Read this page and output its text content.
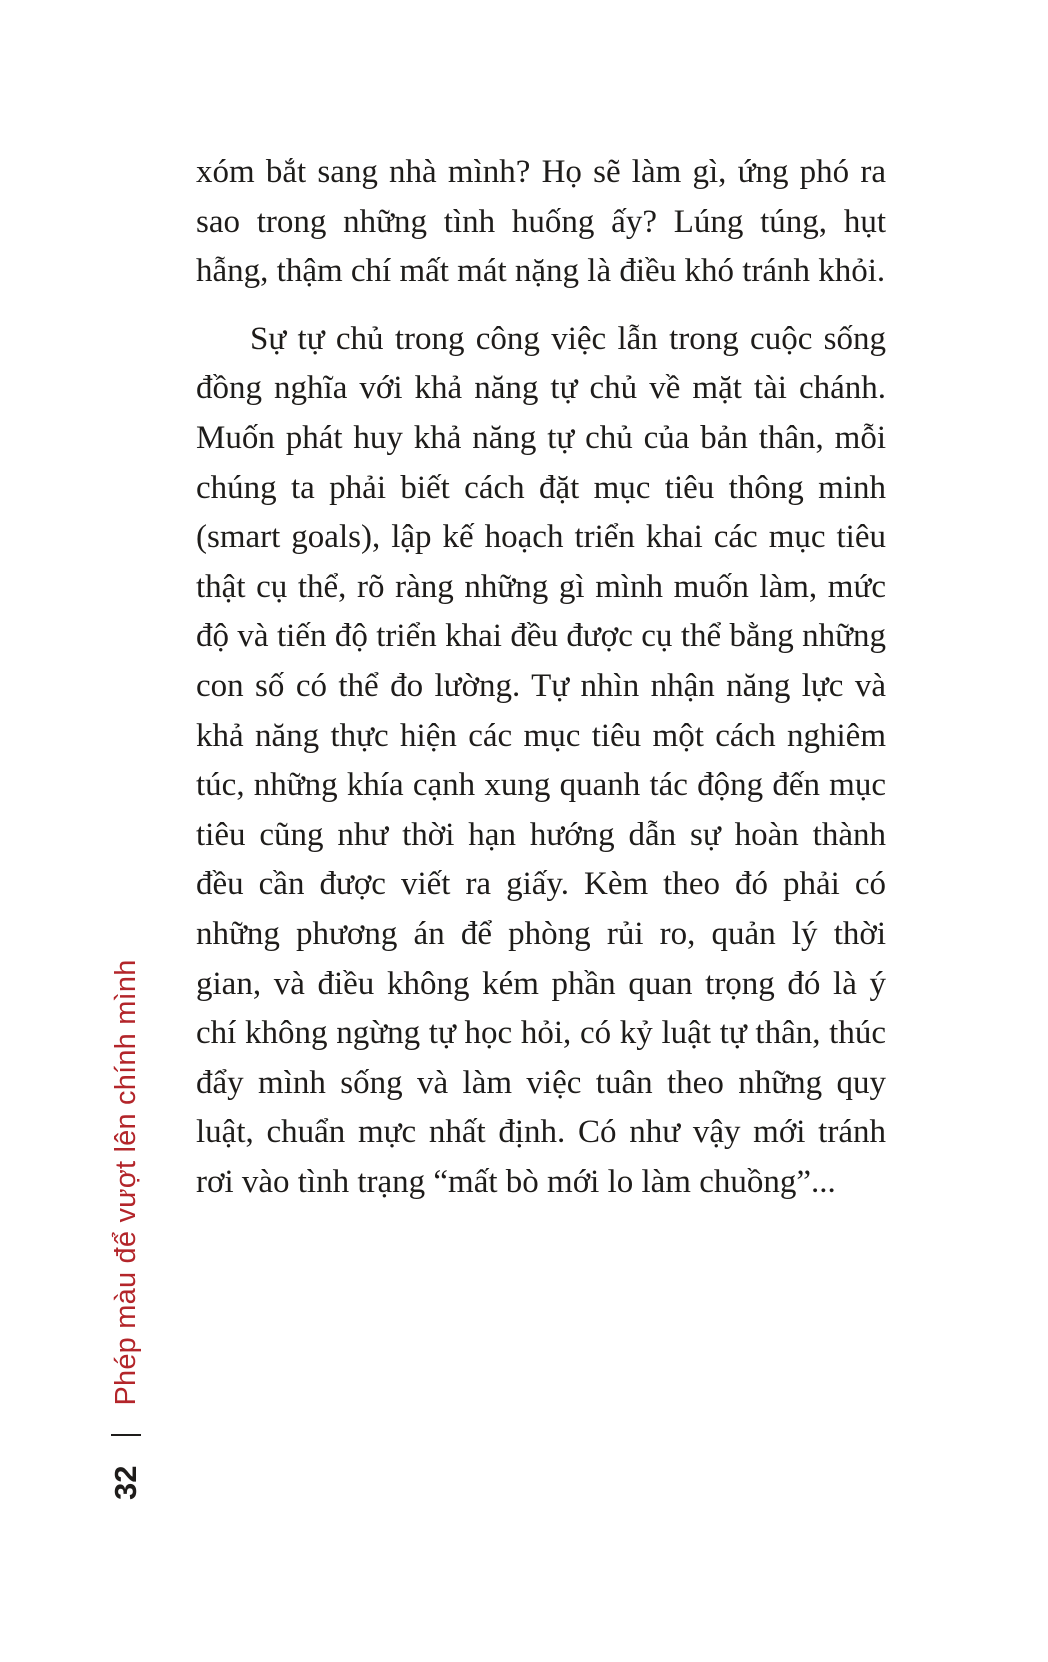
xóm bắt sang nhà mình? Họ sẽ làm gì, ứng phó ra sao trong những tình huống ấy? Lúng túng, hụt hẫng, thậm chí mất mát nặng là điều khó tránh khỏi.

Sự tự chủ trong công việc lẫn trong cuộc sống đồng nghĩa với khả năng tự chủ về mặt tài chánh. Muốn phát huy khả năng tự chủ của bản thân, mỗi chúng ta phải biết cách đặt mục tiêu thông minh (smart goals), lập kế hoạch triển khai các mục tiêu thật cụ thể, rõ ràng những gì mình muốn làm, mức độ và tiến độ triển khai đều được cụ thể bằng những con số có thể đo lường. Tự nhìn nhận năng lực và khả năng thực hiện các mục tiêu một cách nghiêm túc, những khía cạnh xung quanh tác động đến mục tiêu cũng như thời hạn hướng dẫn sự hoàn thành đều cần được viết ra giấy. Kèm theo đó phải có những phương án để phòng rủi ro, quản lý thời gian, và điều không kém phần quan trọng đó là ý chí không ngừng tự học hỏi, có kỷ luật tự thân, thúc đẩy mình sống và làm việc tuân theo những quy luật, chuẩn mực nhất định. Có như vậy mới tránh rơi vào tình trạng “mất bò mới lo làm chuồng”...

32
Phép màu để vượt lên chính mình
